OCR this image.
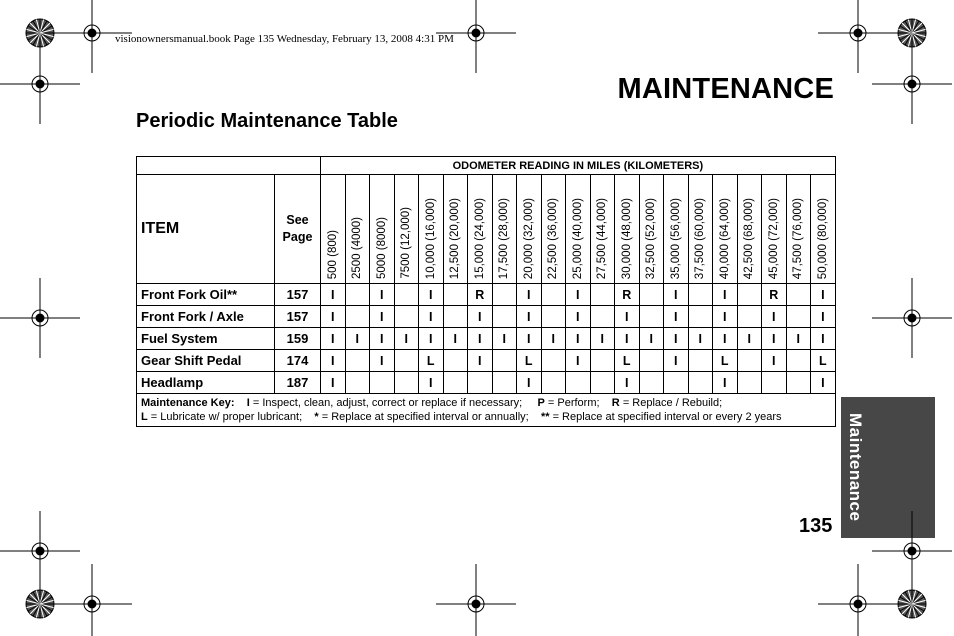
visionownersmanual.book Page 135 Wednesday, February 13, 2008 4:31 PM
MAINTENANCE
Periodic Maintenance Table
		ODOMETER READING IN MILES (KILOMETERS)																				
ITEM	See Page	500 (800)	2500 (4000)	5000 (8000)	7500 (12,000)	10,000 (16,000)	12,500 (20,000)	15,000 (24,000)	17,500 (28,000)	20,000 (32,000)	22,500 (36,000)	25,000 (40,000)	27,500 (44,000)	30,000 (48,000)	32,500 (52,000)	35,000 (56,000)	37,500 (60,000)	40,000 (64,000)	42,500 (68,000)	45,000 (72,000)	47,500 (76,000)	50,000 (80,000)

Front Fork Oil**	157	I		I		I		R		I		I		R		I		I		R		I
Front Fork / Axle	157	I		I		I		I		I		I		I		I		I		I		I
Fuel System	159	I	I	I	I	I	I	I	I	I	I	I	I	I	I	I	I	I	I	I	I	I
Gear Shift Pedal	174	I		I		L		I		L		I		L		I		L		I		L
Headlamp	187	I				I				I				I				I				I
Maintenance Key: I = Inspect, clean, adjust, correct or replace if necessary; P = Perform; R = Replace / Rebuild;
L = Lubricate w/ proper lubricant; * = Replace at specified interval or annually; ** = Replace at specified interval or every 2 years																							Maintenance
135
